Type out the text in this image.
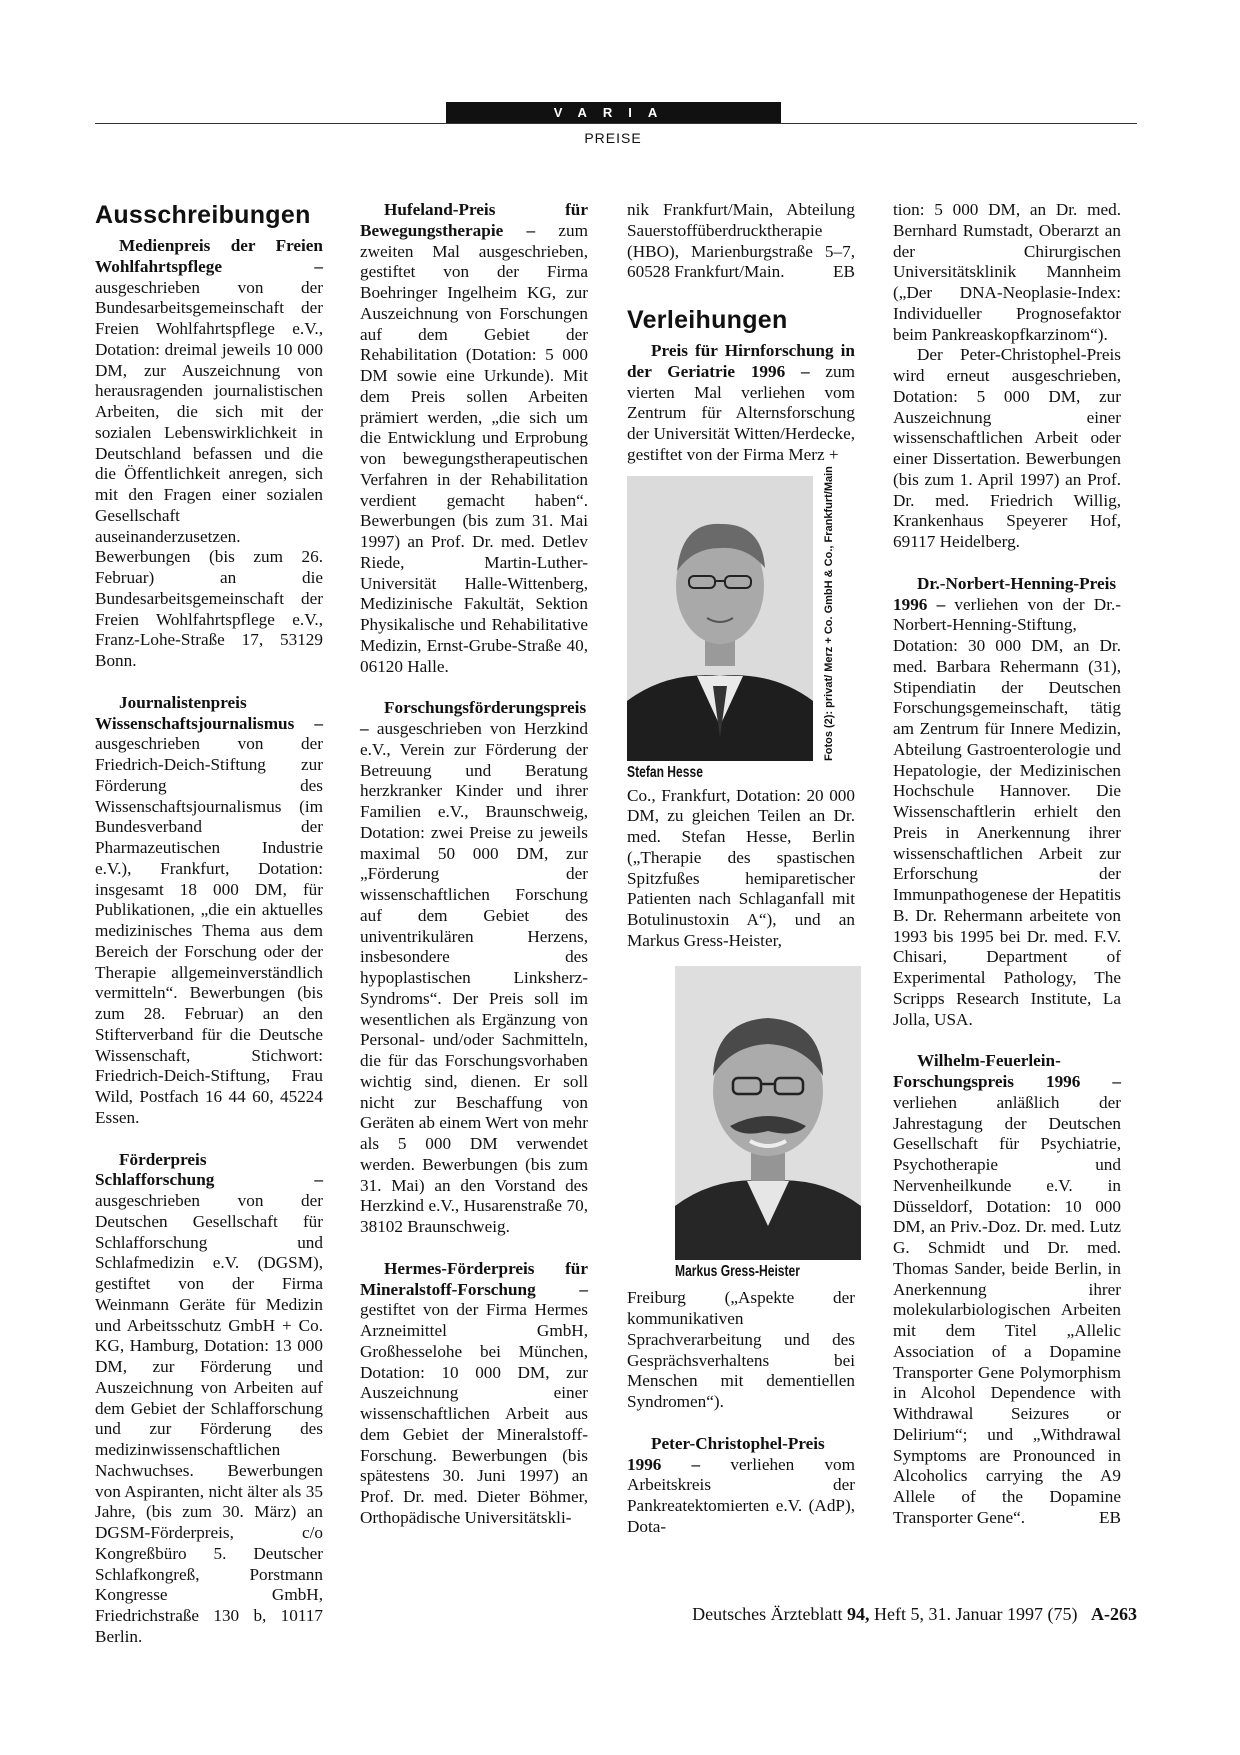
VARIA
PREISE
Ausschreibungen

Medienpreis der Freien Wohlfahrtspflege – ausgeschrieben von der Bundesarbeitsgemeinschaft der Freien Wohlfahrtspflege e.V., Dotation: dreimal jeweils 10 000 DM, zur Auszeichnung von herausragenden journalistischen Arbeiten, die sich mit der sozialen Lebenswirklichkeit in Deutschland befassen und die die Öffentlichkeit anregen, sich mit den Fragen einer sozialen Gesellschaft auseinanderzusetzen. Bewerbungen (bis zum 26. Februar) an die Bundesarbeitsgemeinschaft der Freien Wohlfahrtspflege e.V., Franz-Lohe-Straße 17, 53129 Bonn.

Journalistenpreis Wissenschaftsjournalismus – ausgeschrieben von der Friedrich-Deich-Stiftung zur Förderung des Wissenschaftsjournalismus (im Bundesverband der Pharmazeutischen Industrie e.V.), Frankfurt, Dotation: insgesamt 18 000 DM, für Publikationen, „die ein aktuelles medizinisches Thema aus dem Bereich der Forschung oder der Therapie allgemeinverständlich vermitteln“. Bewerbungen (bis zum 28. Februar) an den Stifterverband für die Deutsche Wissenschaft, Stichwort: Friedrich-Deich-Stiftung, Frau Wild, Postfach 16 44 60, 45224 Essen.

Förderpreis Schlafforschung – ausgeschrieben von der Deutschen Gesellschaft für Schlafforschung und Schlafmedizin e.V. (DGSM), gestiftet von der Firma Weinmann Geräte für Medizin und Arbeitsschutz GmbH + Co. KG, Hamburg, Dotation: 13 000 DM, zur Förderung und Auszeichnung von Arbeiten auf dem Gebiet der Schlafforschung und zur Förderung des medizinwissenschaftlichen Nachwuchses. Bewerbungen von Aspiranten, nicht älter als 35 Jahre, (bis zum 30. März) an DGSM-Förderpreis, c/o Kongreßbüro 5. Deutscher Schlafkongreß, Porstmann Kongresse GmbH, Friedrichstraße 130 b, 10117 Berlin.

Hufeland-Preis für Bewegungstherapie – zum zweiten Mal ausgeschrieben, gestiftet von der Firma Boehringer Ingelheim KG, zur Auszeichnung von Forschungen auf dem Gebiet der Rehabilitation (Dotation: 5 000 DM sowie eine Urkunde). Mit dem Preis sollen Arbeiten prämiert werden, „die sich um die Entwicklung und Erprobung von bewegungstherapeutischen Verfahren in der Rehabilitation verdient gemacht haben“. Bewerbungen (bis zum 31. Mai 1997) an Prof. Dr. med. Detlev Riede, Martin-Luther-Universität Halle-Wittenberg, Medizinische Fakultät, Sektion Physikalische und Rehabilitative Medizin, Ernst-Grube-Straße 40, 06120 Halle.

Forschungsförderungspreis – ausgeschrieben von Herzkind e.V., Verein zur Förderung der Betreuung und Beratung herzkranker Kinder und ihrer Familien e.V., Braunschweig, Dotation: zwei Preise zu jeweils maximal 50 000 DM, zur „Förderung der wissenschaftlichen Forschung auf dem Gebiet des univentrikulären Herzens, insbesondere des hypoplastischen Linksherz-Syndroms“. Der Preis soll im wesentlichen als Ergänzung von Personal- und/oder Sachmitteln, die für das Forschungsvorhaben wichtig sind, dienen. Er soll nicht zur Beschaffung von Geräten ab einem Wert von mehr als 5 000 DM verwendet werden. Bewerbungen (bis zum 31. Mai) an den Vorstand des Herzkind e.V., Husarenstraße 70, 38102 Braunschweig.

Hermes-Förderpreis für Mineralstoff-Forschung – gestiftet von der Firma Hermes Arzneimittel GmbH, Großhesselohe bei München, Dotation: 10 000 DM, zur Auszeichnung einer wissenschaftlichen Arbeit aus dem Gebiet der Mineralstoff-Forschung. Bewerbungen (bis spätestens 30. Juni 1997) an Prof. Dr. med. Dieter Böhmer, Orthopädische Universitätskli-

nik Frankfurt/Main, Abteilung Sauerstoffüberdrucktherapie (HBO), Marienburgstraße 5–7, 60528 Frankfurt/Main.	EB

Verleihungen

Preis für Hirnforschung in der Geriatrie 1996 – zum vierten Mal verliehen vom Zentrum für Alternsforschung der Universität Witten/Herdecke, gestiftet von der Firma Merz +

Stefan Hesse
Fotos (2): privat/ Merz + Co. GmbH & Co., Frankfurt/Main

Co., Frankfurt, Dotation: 20 000 DM, zu gleichen Teilen an Dr. med. Stefan Hesse, Berlin („Therapie des spastischen Spitzfußes hemiparetischer Patienten nach Schlaganfall mit Botulinustoxin A“), und an Markus Gress-Heister,

Markus Gress-Heister

Freiburg („Aspekte der kommunikativen Sprachverarbeitung und des Gesprächsverhaltens bei Menschen mit dementiellen Syndromen“).

Peter-Christophel-Preis 1996 – verliehen vom Arbeitskreis der Pankreatektomierten e.V. (AdP), Dota-

tion: 5 000 DM, an Dr. med. Bernhard Rumstadt, Oberarzt an der Chirurgischen Universitätsklinik Mannheim („Der DNA-Neoplasie-Index: Individueller Prognosefaktor beim Pankreaskopfkarzinom“).

Der Peter-Christophel-Preis wird erneut ausgeschrieben, Dotation: 5 000 DM, zur Auszeichnung einer wissenschaftlichen Arbeit oder einer Dissertation. Bewerbungen (bis zum 1. April 1997) an Prof. Dr. med. Friedrich Willig, Krankenhaus Speyerer Hof, 69117 Heidelberg.

Dr.-Norbert-Henning-Preis 1996 – verliehen von der Dr.-Norbert-Henning-Stiftung, Dotation: 30 000 DM, an Dr. med. Barbara Rehermann (31), Stipendiatin der Deutschen Forschungsgemeinschaft, tätig am Zentrum für Innere Medizin, Abteilung Gastroenterologie und Hepatologie, der Medizinischen Hochschule Hannover. Die Wissenschaftlerin erhielt den Preis in Anerkennung ihrer wissenschaftlichen Arbeit zur Erforschung der Immunpathogenese der Hepatitis B. Dr. Rehermann arbeitete von 1993 bis 1995 bei Dr. med. F.V. Chisari, Department of Experimental Pathology, The Scripps Research Institute, La Jolla, USA.

Wilhelm-Feuerlein-Forschungspreis 1996 – verliehen anläßlich der Jahrestagung der Deutschen Gesellschaft für Psychiatrie, Psychotherapie und Nervenheilkunde e.V. in Düsseldorf, Dotation: 10 000 DM, an Priv.-Doz. Dr. med. Lutz G. Schmidt und Dr. med. Thomas Sander, beide Berlin, in Anerkennung ihrer molekularbiologischen Arbeiten mit dem Titel „Allelic Association of a Dopamine Transporter Gene Polymorphism in Alcohol Dependence with Withdrawal Seizures or Delirium“; und „Withdrawal Symptoms are Pronounced in Alcoholics carrying the A9 Allele of the Dopamine Transporter Gene“.	EB

Deutsches Ärzteblatt 94, Heft 5, 31. Januar 1997 (75) A-263
